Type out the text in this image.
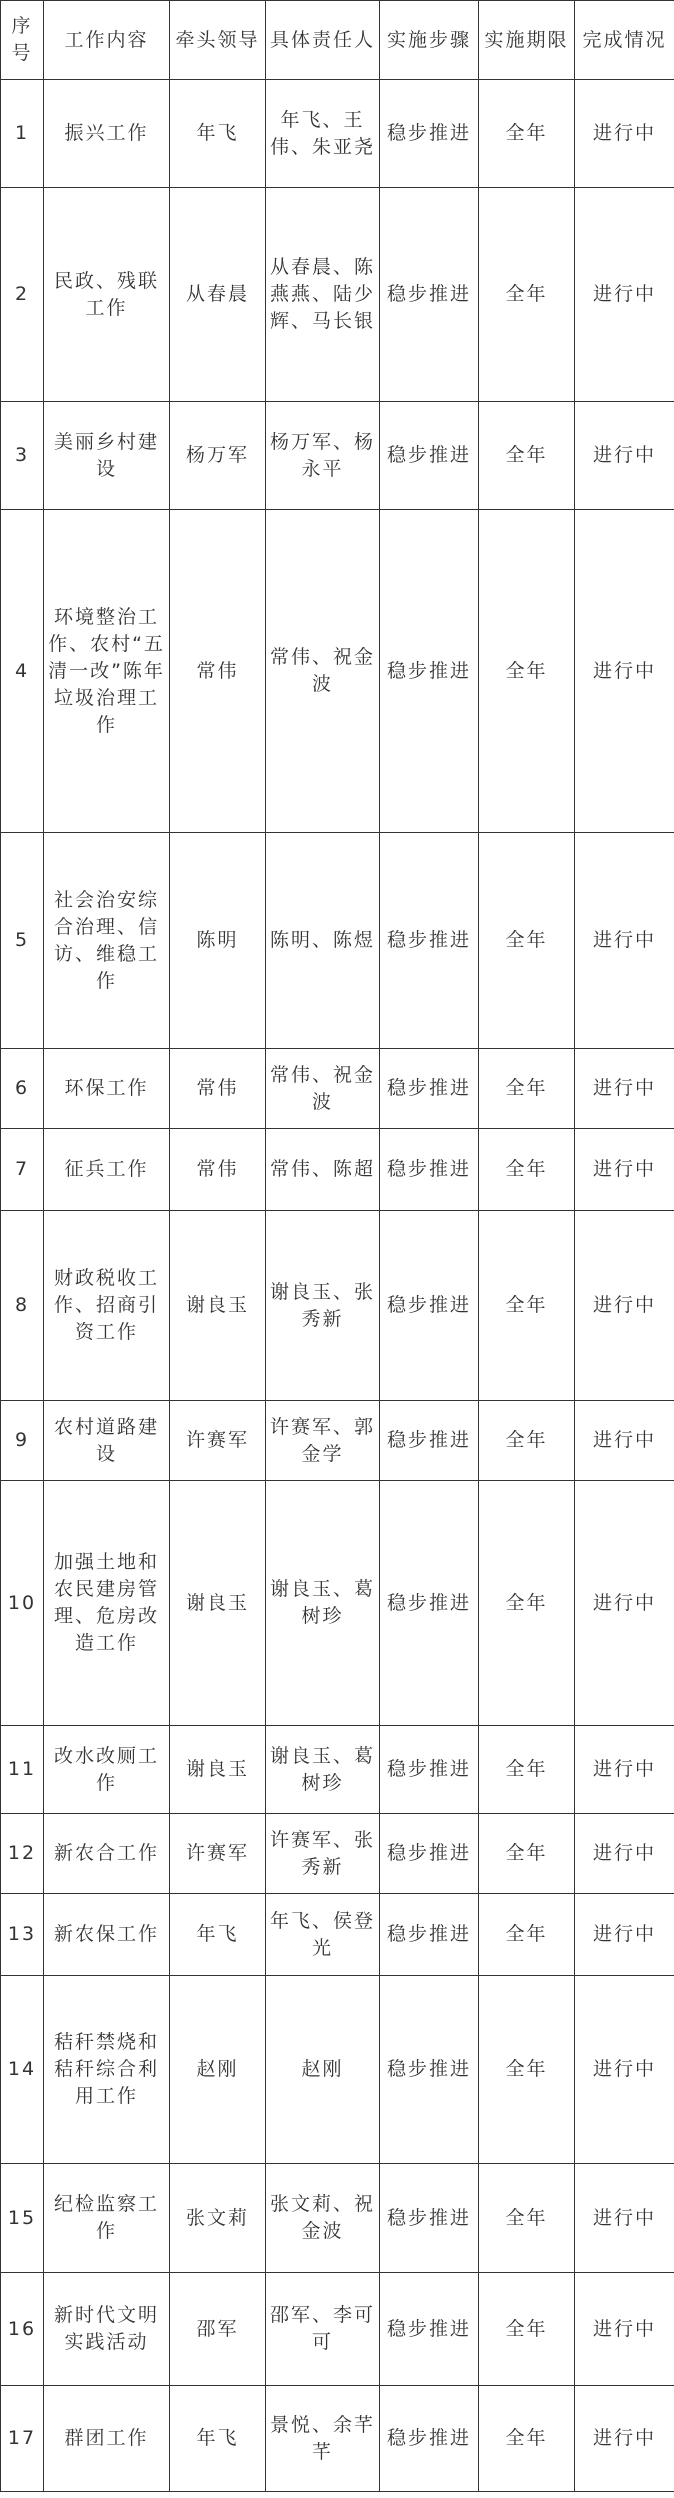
序号	工作内容	牵头领导	具体责任人	实施步骤	实施期限	完成情况
1	振兴工作	年飞	年飞、王伟、朱亚尧	稳步推进	全年	进行中
2	民政、残联工作	从春晨	从春晨、陈燕燕、陆少辉、马长银	稳步推进	全年	进行中
3	美丽乡村建设	杨万军	杨万军、杨永平	稳步推进	全年	进行中
4	环境整治工作、农村“五清一改”陈年垃圾治理工作	常伟	常伟、祝金波	稳步推进	全年	进行中
5	社会治安综合治理、信访、维稳工作	陈明	陈明、陈煜	稳步推进	全年	进行中
6	环保工作	常伟	常伟、祝金波	稳步推进	全年	进行中
7	征兵工作	常伟	常伟、陈超	稳步推进	全年	进行中
8	财政税收工作、招商引资工作	谢良玉	谢良玉、张秀新	稳步推进	全年	进行中
9	农村道路建设	许赛军	许赛军、郭金学	稳步推进	全年	进行中
10	加强土地和农民建房管理、危房改造工作	谢良玉	谢良玉、葛树珍	稳步推进	全年	进行中
11	改水改厕工作	谢良玉	谢良玉、葛树珍	稳步推进	全年	进行中
12	新农合工作	许赛军	许赛军、张秀新	稳步推进	全年	进行中
13	新农保工作	年飞	年飞、侯登光	稳步推进	全年	进行中
14	秸秆禁烧和秸秆综合利用工作	赵刚	赵刚	稳步推进	全年	进行中
15	纪检监察工作	张文莉	张文莉、祝金波	稳步推进	全年	进行中
16	新时代文明实践活动	邵军	邵军、李可可	稳步推进	全年	进行中
17	群团工作	年飞	景悦、余芊芊	稳步推进	全年	进行中
